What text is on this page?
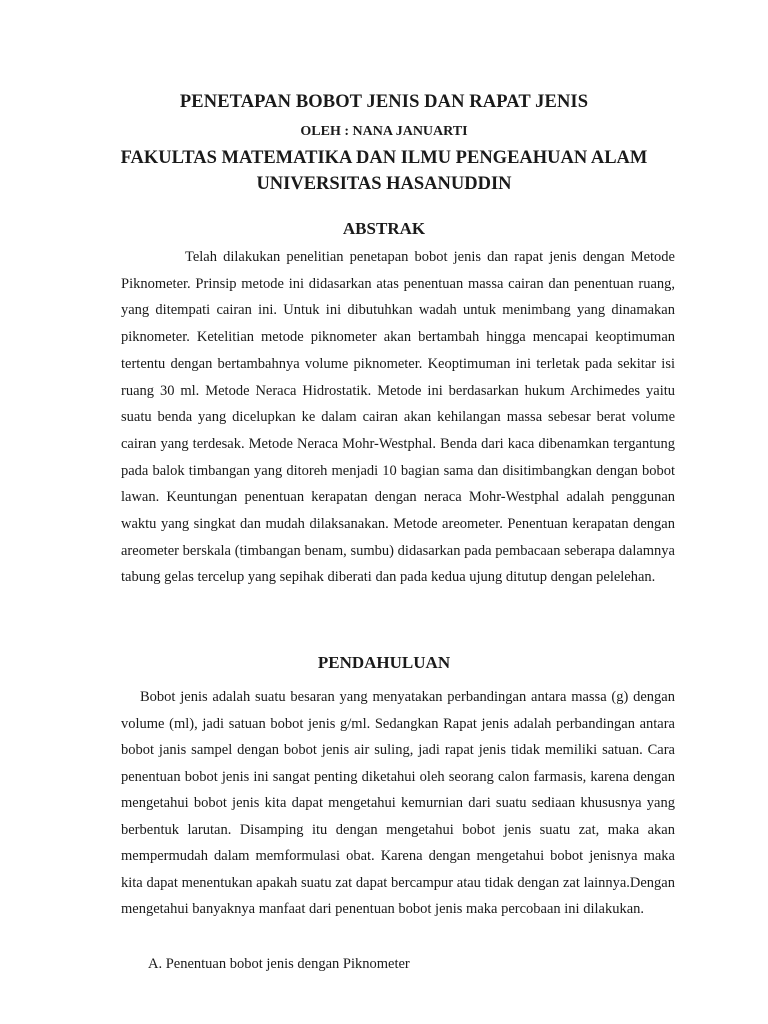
PENETAPAN BOBOT JENIS DAN RAPAT JENIS
OLEH : NANA JANUARTI
FAKULTAS MATEMATIKA DAN ILMU PENGEAHUAN ALAM
UNIVERSITAS HASANUDDIN
ABSTRAK

Telah dilakukan penelitian penetapan bobot jenis dan rapat jenis dengan Metode Piknometer. Prinsip metode ini didasarkan atas penentuan massa cairan dan penentuan ruang, yang ditempati cairan ini. Untuk ini dibutuhkan wadah untuk menimbang yang dinamakan piknometer. Ketelitian metode piknometer akan bertambah hingga mencapai keoptimuman tertentu dengan bertambahnya volume piknometer. Keoptimuman ini terletak pada sekitar isi ruang 30 ml. Metode Neraca Hidrostatik. Metode ini berdasarkan hukum Archimedes yaitu suatu benda yang dicelupkan ke dalam cairan akan kehilangan massa sebesar berat volume cairan yang terdesak. Metode Neraca Mohr-Westphal. Benda dari kaca dibenamkan tergantung pada balok timbangan yang ditoreh menjadi 10 bagian sama dan disitimbangkan dengan bobot lawan. Keuntungan penentuan kerapatan dengan neraca Mohr-Westphal adalah penggunan waktu yang singkat dan mudah dilaksanakan. Metode areometer. Penentuan kerapatan dengan areometer berskala (timbangan benam, sumbu) didasarkan pada pembacaan seberapa dalamnya tabung gelas tercelup yang sepihak diberati dan pada kedua ujung ditutup dengan pelelehan.

PENDAHULUAN

Bobot jenis adalah suatu besaran yang menyatakan perbandingan antara massa (g) dengan volume (ml), jadi satuan bobot jenis g/ml. Sedangkan Rapat jenis adalah perbandingan antara bobot janis sampel dengan bobot jenis air suling, jadi rapat jenis tidak memiliki satuan. Cara penentuan bobot jenis ini sangat penting diketahui oleh seorang calon farmasis, karena dengan mengetahui bobot jenis kita dapat mengetahui kemurnian dari suatu sediaan khususnya yang berbentuk larutan. Disamping itu dengan mengetahui bobot jenis suatu zat, maka akan mempermudah dalam memformulasi obat. Karena dengan mengetahui bobot jenisnya maka kita dapat menentukan apakah suatu zat dapat bercampur atau tidak dengan zat lainnya.Dengan mengetahui banyaknya manfaat dari penentuan bobot jenis maka percobaan ini dilakukan.

A. Penentuan bobot jenis dengan Piknometer
